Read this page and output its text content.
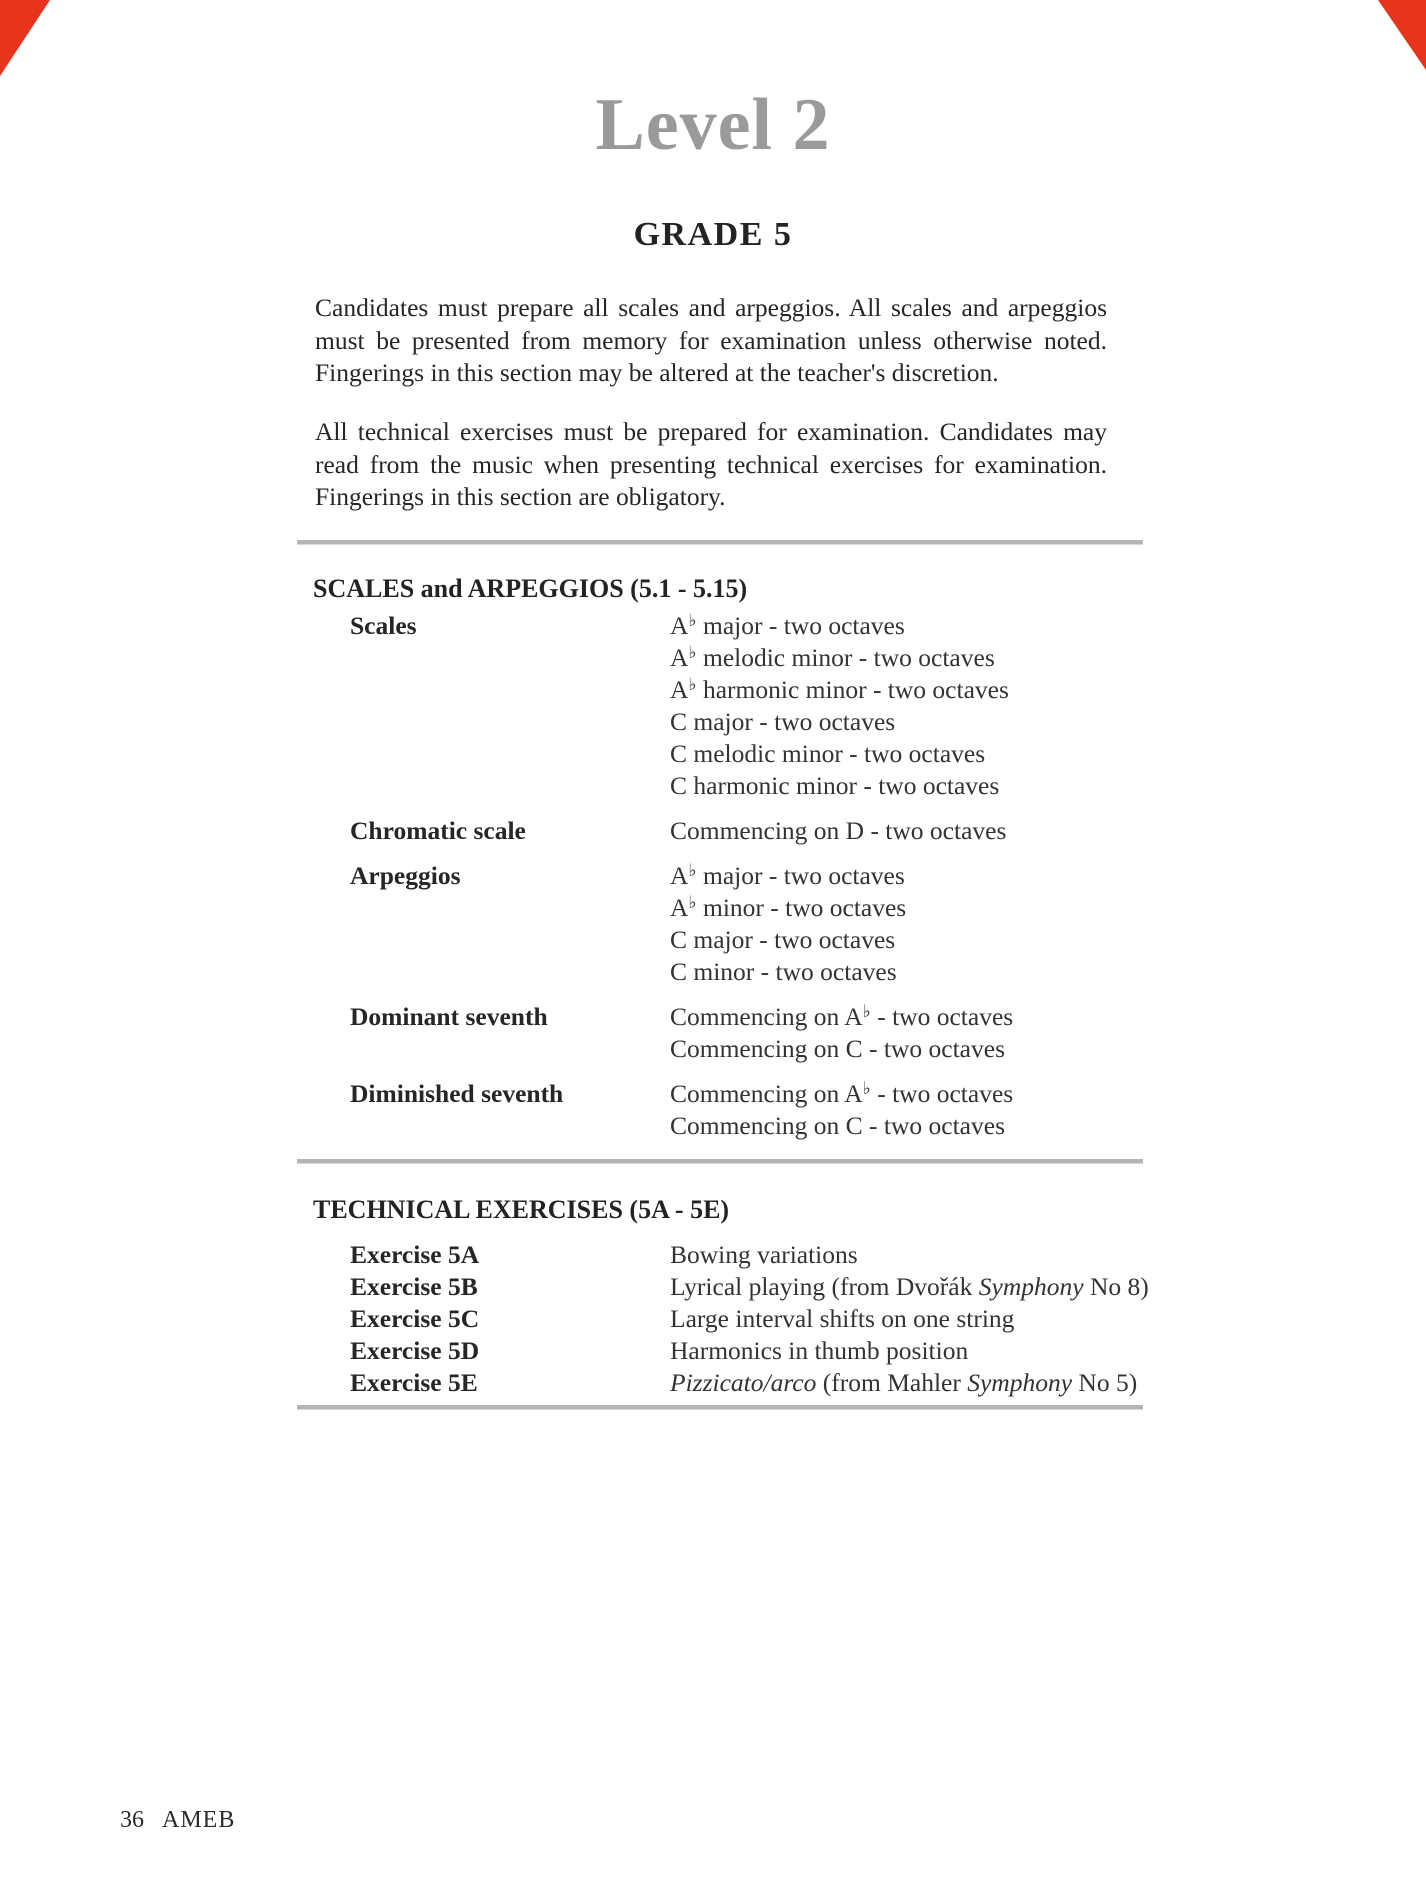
Level 2
GRADE 5
Candidates must prepare all scales and arpeggios. All scales and arpeggios
must be presented from memory for examination unless otherwise noted.
Fingerings in this section may be altered at the teacher's discretion.
All technical exercises must be prepared for examination. Candidates may
read from the music when presenting technical exercises for examination.
Fingerings in this section are obligatory.
SCALES and ARPEGGIOS (5.1 - 5.15)
Scales	A♭ major - two octaves
A♭ melodic minor - two octaves
A♭ harmonic minor - two octaves
C major - two octaves
C melodic minor - two octaves
C harmonic minor - two octaves
Chromatic scale	Commencing on D - two octaves
Arpeggios	A♭ major - two octaves
A♭ minor - two octaves
C major - two octaves
C minor - two octaves
Dominant seventh	Commencing on A♭ - two octaves
Commencing on C - two octaves
Diminished seventh	Commencing on A♭ - two octaves
Commencing on C - two octaves
TECHNICAL EXERCISES (5A - 5E)
Exercise 5A	Bowing variations
Exercise 5B	Lyrical playing (from Dvořák Symphony No 8)
Exercise 5C	Large interval shifts on one string
Exercise 5D	Harmonics in thumb position
Exercise 5E	Pizzicato/arco (from Mahler Symphony No 5)
36 AMEB
